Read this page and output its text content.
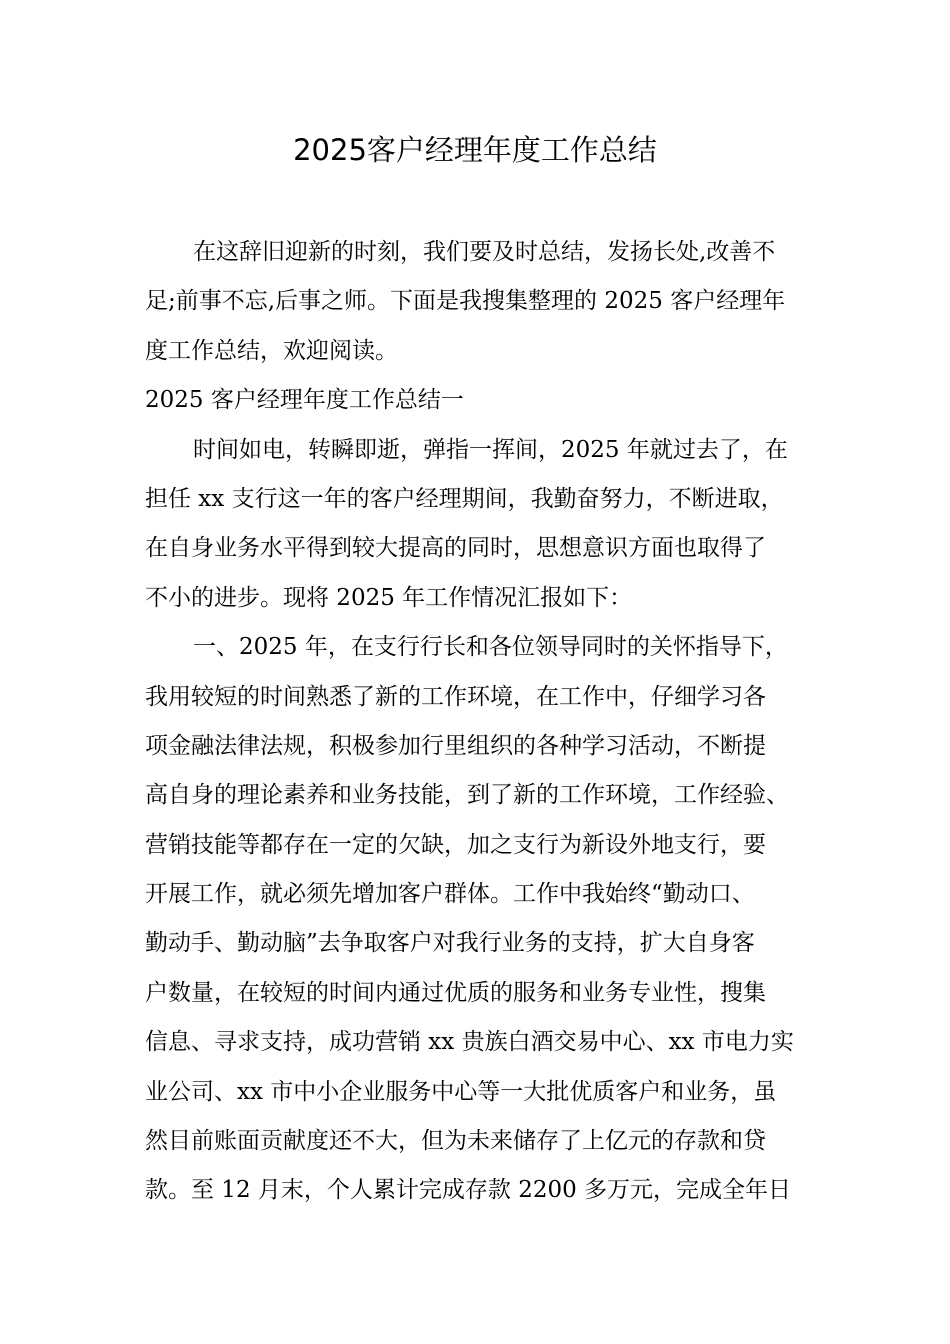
2025客户经理年度工作总结
在这辞旧迎新的时刻，我们要及时总结，发扬长处,改善不
足;前事不忘,后事之师。下面是我搜集整理的 2025 客户经理年
度工作总结，欢迎阅读。
2025 客户经理年度工作总结一
时间如电，转瞬即逝，弹指一挥间，2025 年就过去了，在
担任 xx 支行这一年的客户经理期间，我勤奋努力，不断进取，
在自身业务水平得到较大提高的同时，思想意识方面也取得了
不小的进步。现将 2025 年工作情况汇报如下：
一、2025 年，在支行行长和各位领导同时的关怀指导下，
我用较短的时间熟悉了新的工作环境，在工作中，仔细学习各
项金融法律法规，积极参加行里组织的各种学习活动，不断提
高自身的理论素养和业务技能，到了新的工作环境，工作经验、
营销技能等都存在一定的欠缺，加之支行为新设外地支行，要
开展工作，就必须先增加客户群体。工作中我始终“勤动口、
勤动手、勤动脑”去争取客户对我行业务的支持，扩大自身客
户数量，在较短的时间内通过优质的服务和业务专业性，搜集
信息、寻求支持，成功营销 xx 贵族白酒交易中心、xx 市电力实
业公司、xx 市中小企业服务中心等一大批优质客户和业务，虽
然目前账面贡献度还不大，但为未来储存了上亿元的存款和贷
款。至 12 月末，个人累计完成存款 2200 多万元，完成全年日
